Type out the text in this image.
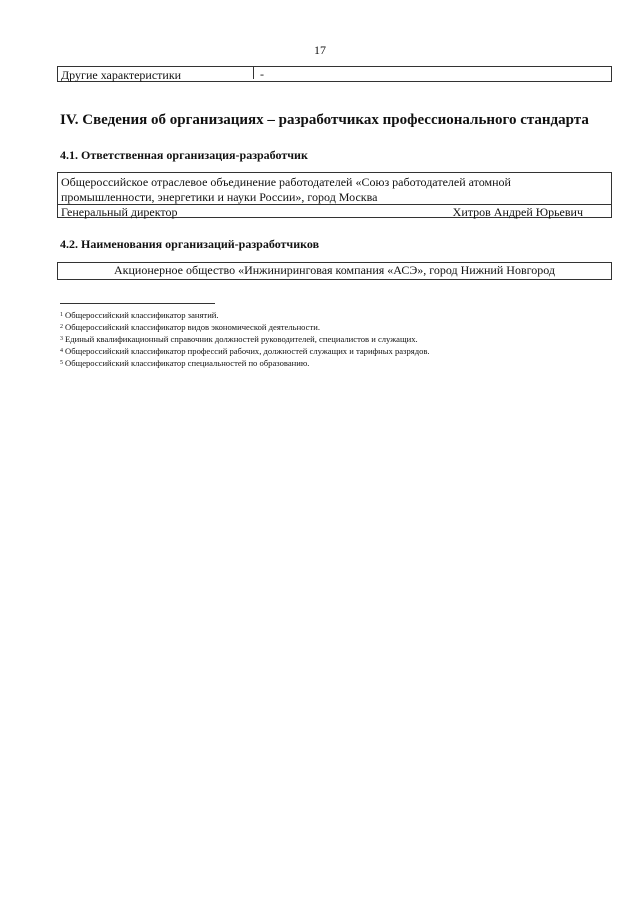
17
Другие характеристики	-
IV. Сведения об организациях – разработчиках профессионального стандарта
4.1. Ответственная организация-разработчик
Общероссийское отраслевое объединение работодателей «Союз работодателей атомной промышленности, энергетики и науки России», город Москва
Генеральный директор	Хитров Андрей Юрьевич
4.2. Наименования организаций-разработчиков
Акционерное общество «Инжиниринговая компания «АСЭ», город Нижний Новгород
$^1$ Общероссийский классификатор занятий.
$^2$ Общероссийский классификатор видов экономической деятельности.
$^3$ Единый квалификационный справочник должностей руководителей, специалистов и служащих.
$^4$ Общероссийский классификатор профессий рабочих, должностей служащих и тарифных разрядов.
$^5$ Общероссийский классификатор специальностей по образованию.
